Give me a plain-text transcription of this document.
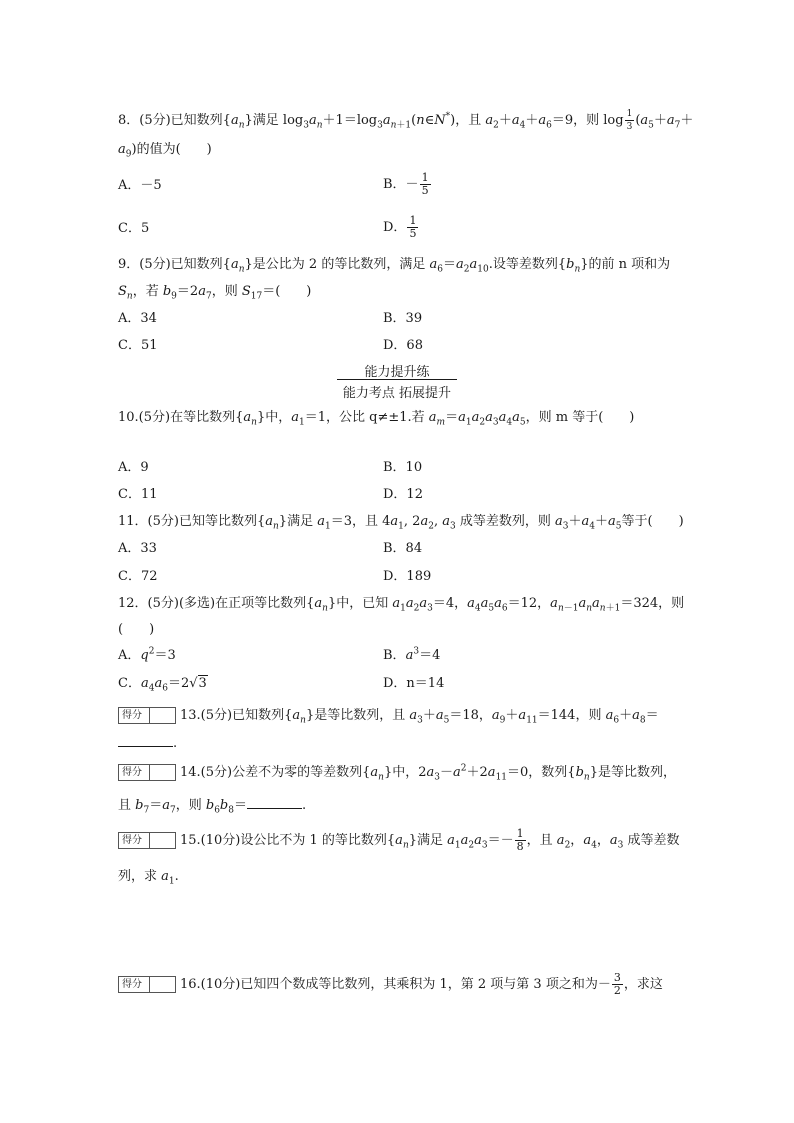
8．(5分)已知数列$\{a_n\}$满足 $\log_3a_n+1=\log_3a_{n+1}(n\in N^*)$，且 $a_2+a_4+a_6=9$，则 $\log \frac{1}{3} (a_5+a_7+$
$a_9$)的值为(　　)
A．－5	B．－ $\frac{1}{5}$
C．5	D． $\frac{1}{5}$
9．(5分)已知数列$\{a_n\}$是公比为 2 的等比数列，满足 $a_6=a_2a_{10}$.设等差数列$\{b_n\}$的前 n 项和为
$S_n$，若 $b_9=2a_7$，则 $S_{17}=$(　　)
A．34	B．39
C．51	D．68
能力提升练
能力考点 拓展提升
10.(5分)在等比数列$\{a_n\}$中，$a_1=1$，公比 q≠±1.若 $a_m=a_1a_2a_3a_4a_5$，则 m 等于(　　)
A．9	B．10
C．11	D．12
11．(5分)已知等比数列$\{a_n\}$满足 $a_1=3$，且 $4a_1$, $2a_2$, $a_3$ 成等差数列，则 $a_3+a_4+a_5$等于(　　)
A．33	B．84
C．72	D．189
12．(5分)(多选)在正项等比数列$\{a_n\}$中，已知 $a_1a_2a_3=4$，$a_4a_5a_6=12$，$a_{n-1}a_na_{n+1}=324$，则
(　　)
A．$q^2=3$	B．$a^3=4$
C．$a_4a_6=2√3$	D．n＝14
得分	13.(5分)已知数列$\{a_n\}$是等比数列，且 $a_3+a_5=18$，$a_9+a_{11}=144$，则 $a_6+a_8=$
.
得分	14.(5分)公差不为零的等差数列$\{a_n\}$中，$2a_3-a^2+2a_{11}=0$，数列$\{b_n\}$是等比数列，
且 $b_7=a_7$，则 $b_6b_8=$	.
得分	15.(10分)设公比不为 1 的等比数列$\{a_n\}$满足 $a_1a_2a_3=- \frac{1}{8}$ ，且 $a_2$，$a_4$，$a_3$ 成等差数
列，求 $a_1$.
得分	16.(10分)已知四个数成等比数列，其乘积为 1，第 2 项与第 3 项之和为－ $\frac{3}{2}$ ，求这
